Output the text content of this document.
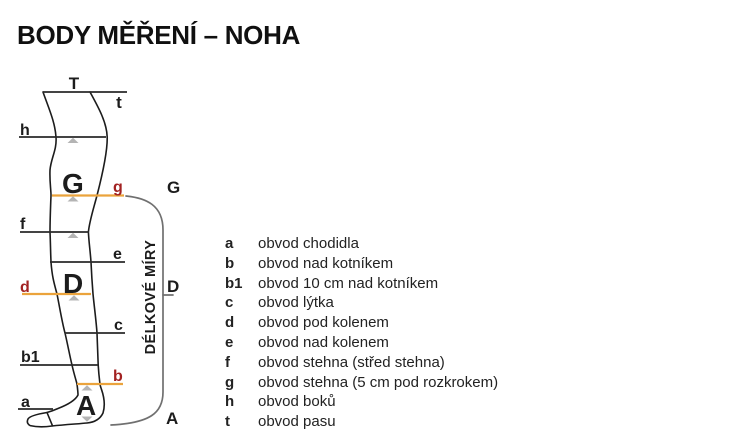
BODY MĚŘENÍ – NOHA
T
t
h
f
b1
a
e
c
g
d
b
G
D
A
G
D
A
DÉLKOVÉ MÍRY	a	obvod chodidla
b	obvod nad kotníkem
b1	obvod 10 cm nad kotníkem
c	obvod lýtka
d	obvod pod kolenem
e	obvod nad kolenem
f	obvod stehna (střed stehna)
g	obvod stehna (5 cm pod rozkrokem)
h	obvod boků
t	obvod pasu
